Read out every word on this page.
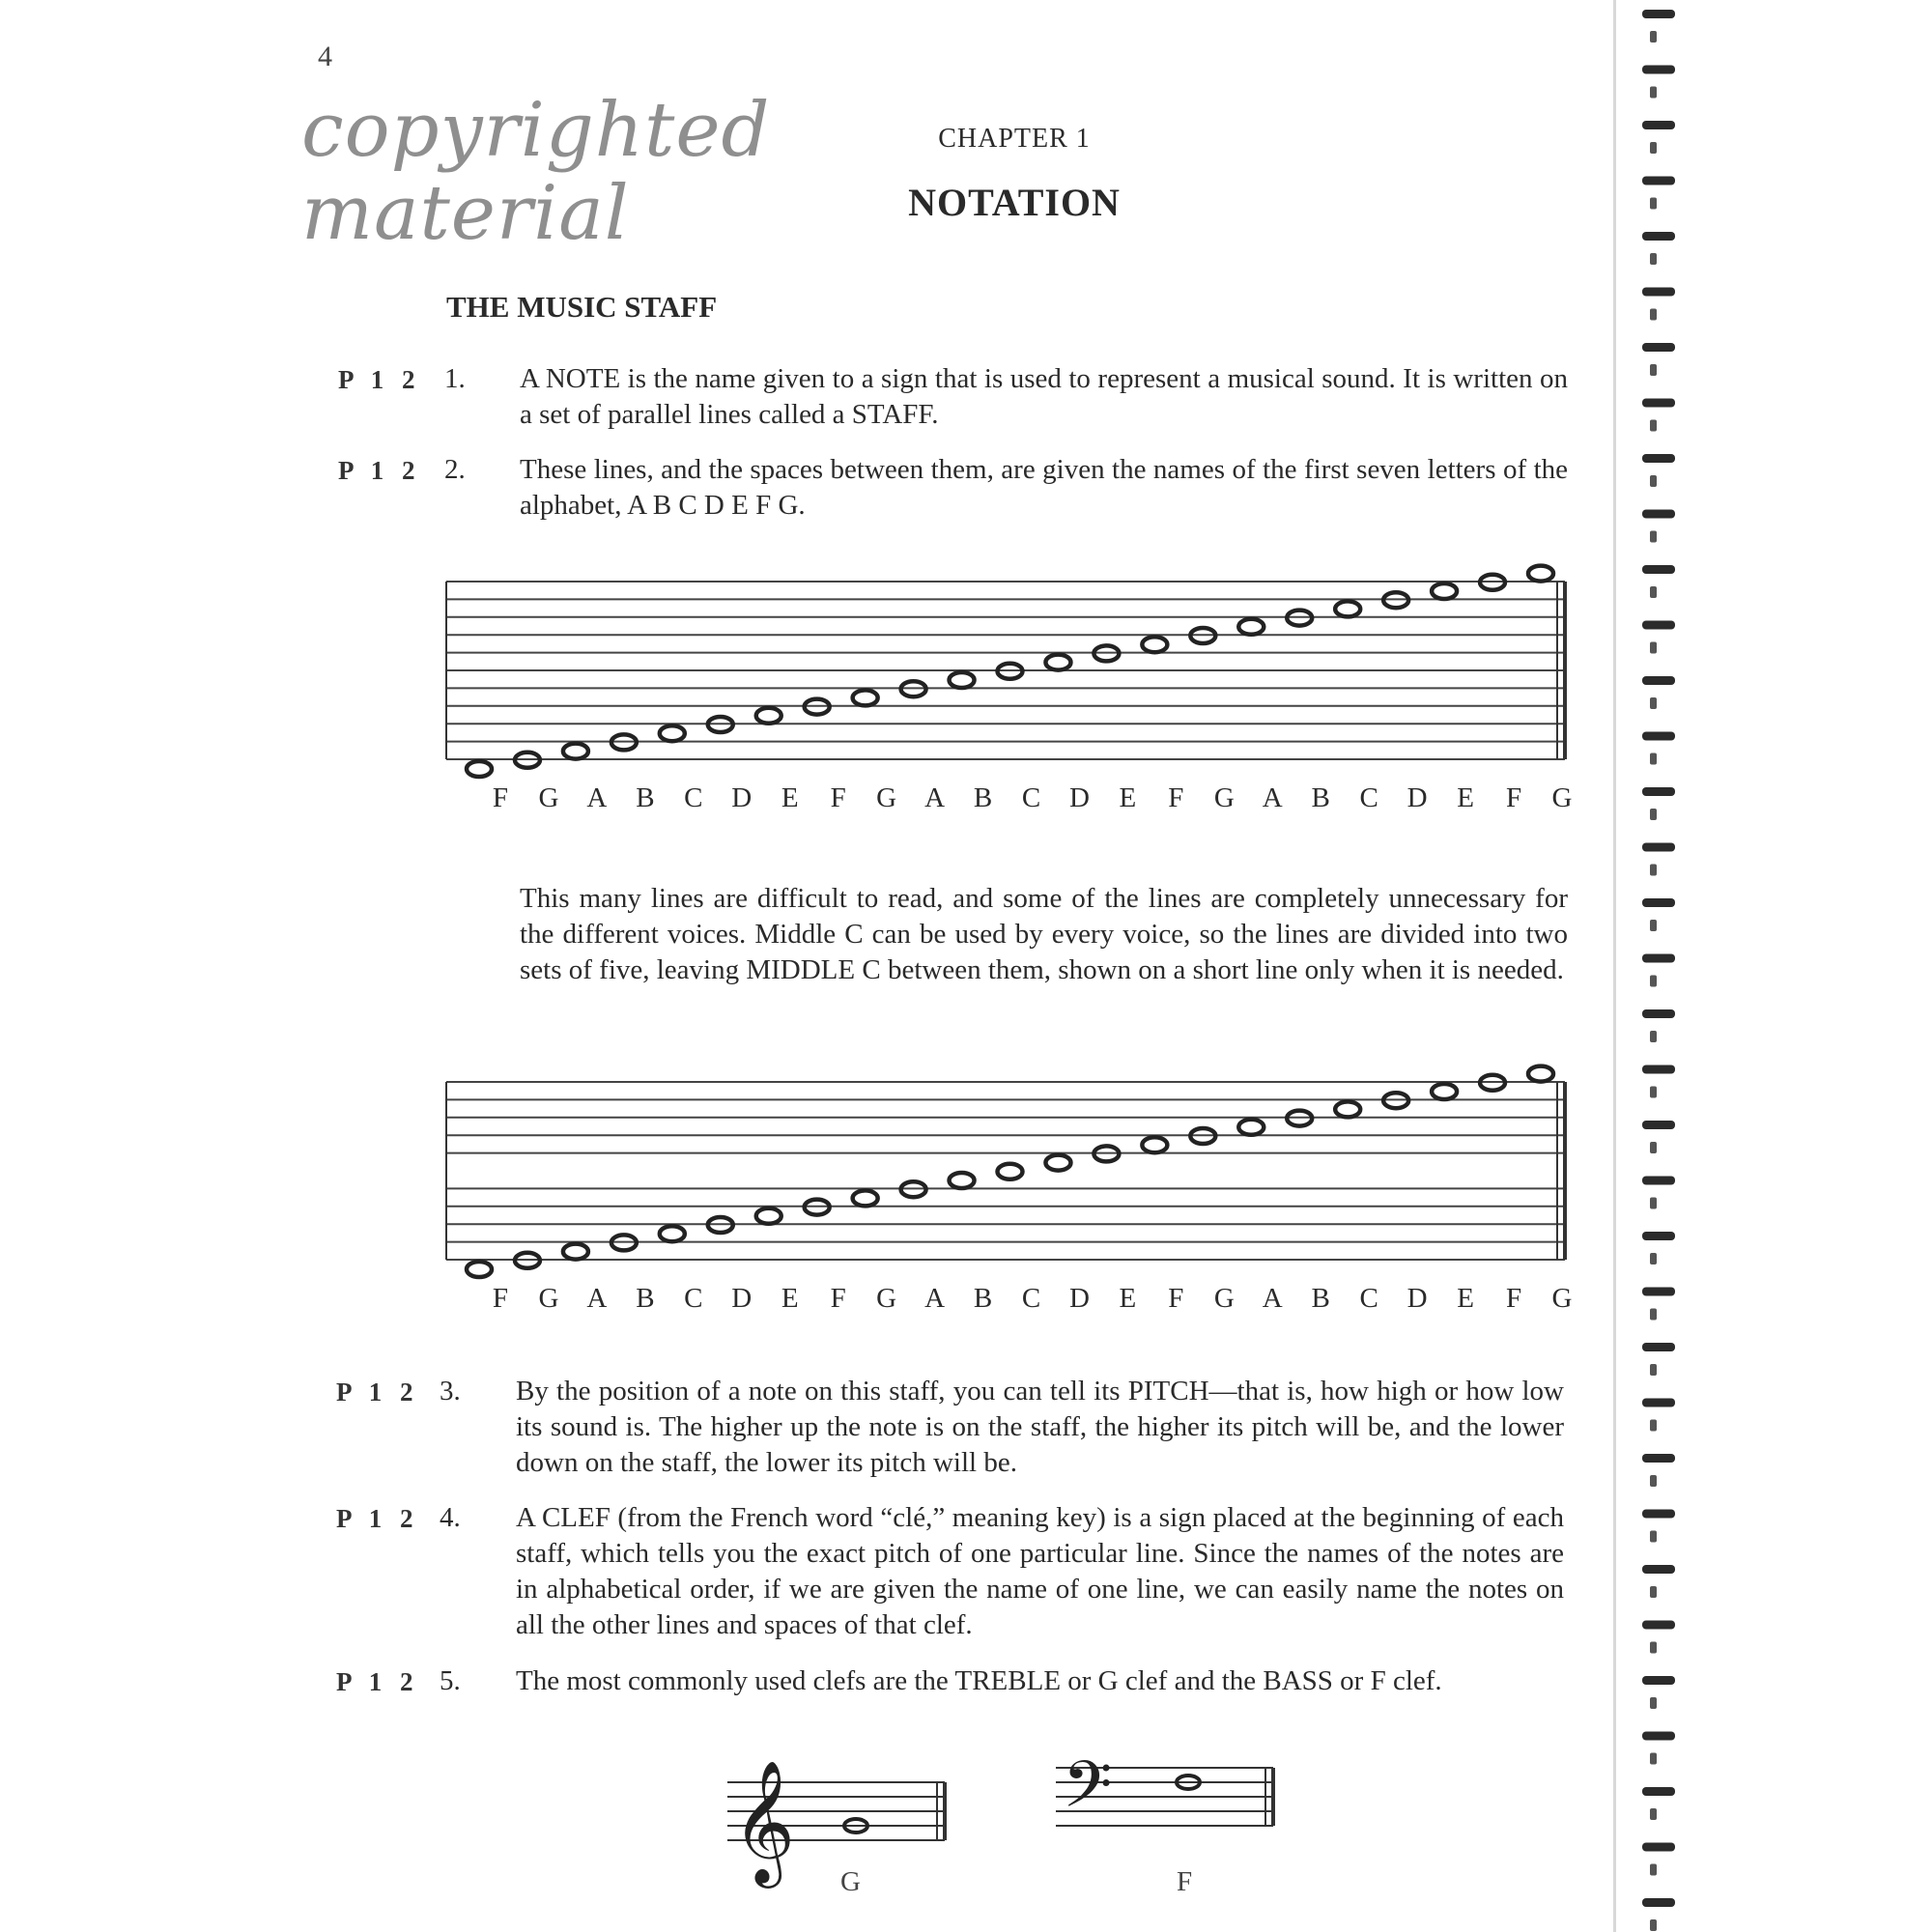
4
copyrighted
material
CHAPTER 1
NOTATION
THE MUSIC STAFF
P 1 2 1. A NOTE is the name given to a sign that is used to represent a musical sound. It is written on a set of parallel lines called a STAFF.
P 1 2 2. These lines, and the spaces between them, are given the names of the first seven letters of the alphabet, A B C D E F G.
F G A B C D E F G A B C D E F G A B C D E F G
This many lines are difficult to read, and some of the lines are completely unnecessary for the different voices. Middle C can be used by every voice, so the lines are divided into two sets of five, leaving MIDDLE C between them, shown on a short line only when it is needed.
F G A B C D E F G A B C D E F G A B C D E F G
P 1 2 3. By the position of a note on this staff, you can tell its PITCH—that is, how high or how low its sound is. The higher up the note is on the staff, the higher its pitch will be, and the lower down on the staff, the lower its pitch will be.
P 1 2 4. A CLEF (from the French word “clé,” meaning key) is a sign placed at the beginning of each staff, which tells you the exact pitch of one particular line. Since the names of the notes are in alphabetical order, if we are given the name of one line, we can easily name the notes on all the other lines and spaces of that clef.
P 1 2 5. The most commonly used clefs are the TREBLE or G clef and the BASS or F clef.
𝄞 G
𝄢
F
